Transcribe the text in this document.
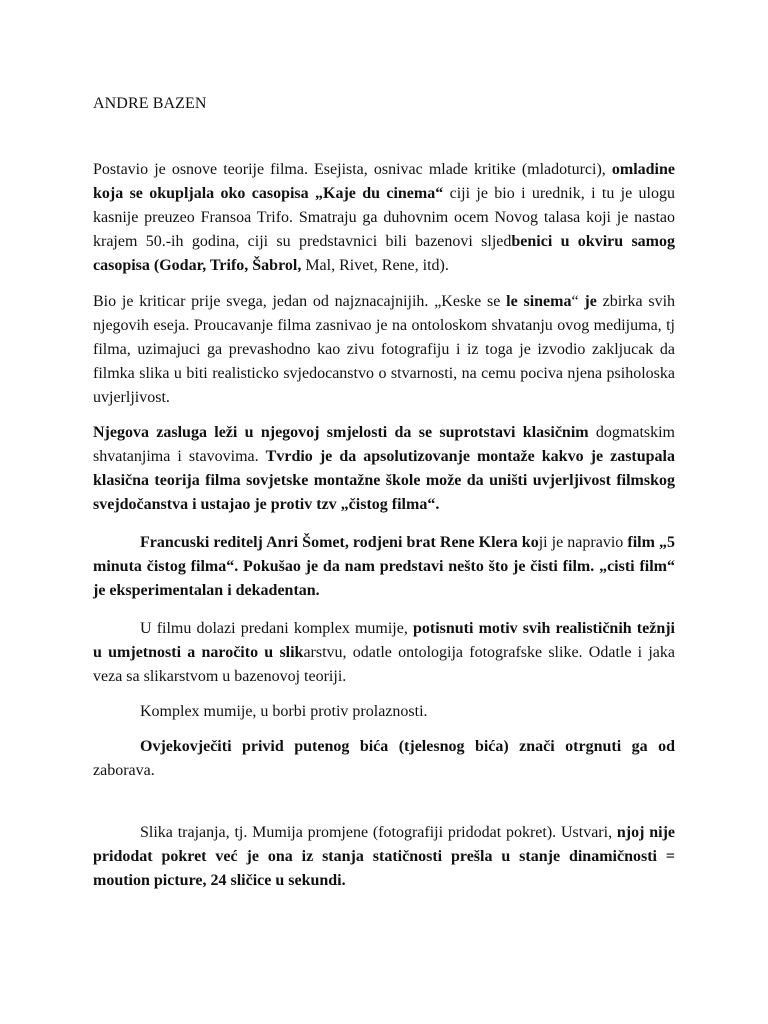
ANDRE BAZEN

Postavio je osnove teorije filma. Esejista, osnivac mlade kritike (mladoturci), omladine koja se okupljala oko casopisa „Kaje du cinema“ ciji je bio i urednik, i tu je ulogu kasnije preuzeo Fransoa Trifo. Smatraju ga duhovnim ocem Novog talasa koji je nastao krajem 50.-ih godina, ciji su predstavnici bili bazenovi sljedbenici u okviru samog casopisa (Godar, Trifo, Šabrol, Mal, Rivet, Rene, itd).

Bio je kriticar prije svega, jedan od najznacajnijih. „Keske se le sinema“ je zbirka svih njegovih eseja. Proucavanje filma zasnivao je na ontoloskom shvatanju ovog medijuma, tj filma, uzimajuci ga prevashodno kao zivu fotografiju i iz toga je izvodio zakljucak da filmka slika u biti realisticko svjedocanstvo o stvarnosti, na cemu pociva njena psiholoska uvjerljivost.

Njegova zasluga leži u njegovoj smjelosti da se suprotstavi klasičnim dogmatskim shvatanjima i stavovima. Tvrdio je da apsolutizovanje montaže kakvo je zastupala klasična teorija filma sovjetske montažne škole može da uništi uvjerljivost filmskog svejdočanstva i ustajao je protiv tzv „čistog filma“.

Francuski reditelj Anri Šomet, rodjeni brat Rene Klera koji je napravio film „5 minuta čistog filma“. Pokušao je da nam predstavi nešto što je čisti film. „cisti film“ je eksperimentalan i dekadentan.

U filmu dolazi predani komplex mumije, potisnuti motiv svih realističnih težnji u umjetnosti a naročito u slikarstvu, odatle ontologija fotografske slike. Odatle i jaka veza sa slikarstvom u bazenovoj teoriji.

Komplex mumije, u borbi protiv prolaznosti.

Ovjekovječiti privid putenog bića (tjelesnog bića) znači otrgnuti ga od zaborava.

Slika trajanja, tj. Mumija promjene (fotografiji pridodat pokret). Ustvari, njoj nije pridodat pokret već je ona iz stanja statičnosti prešla u stanje dinamičnosti = moution picture, 24 sličice u sekundi.
